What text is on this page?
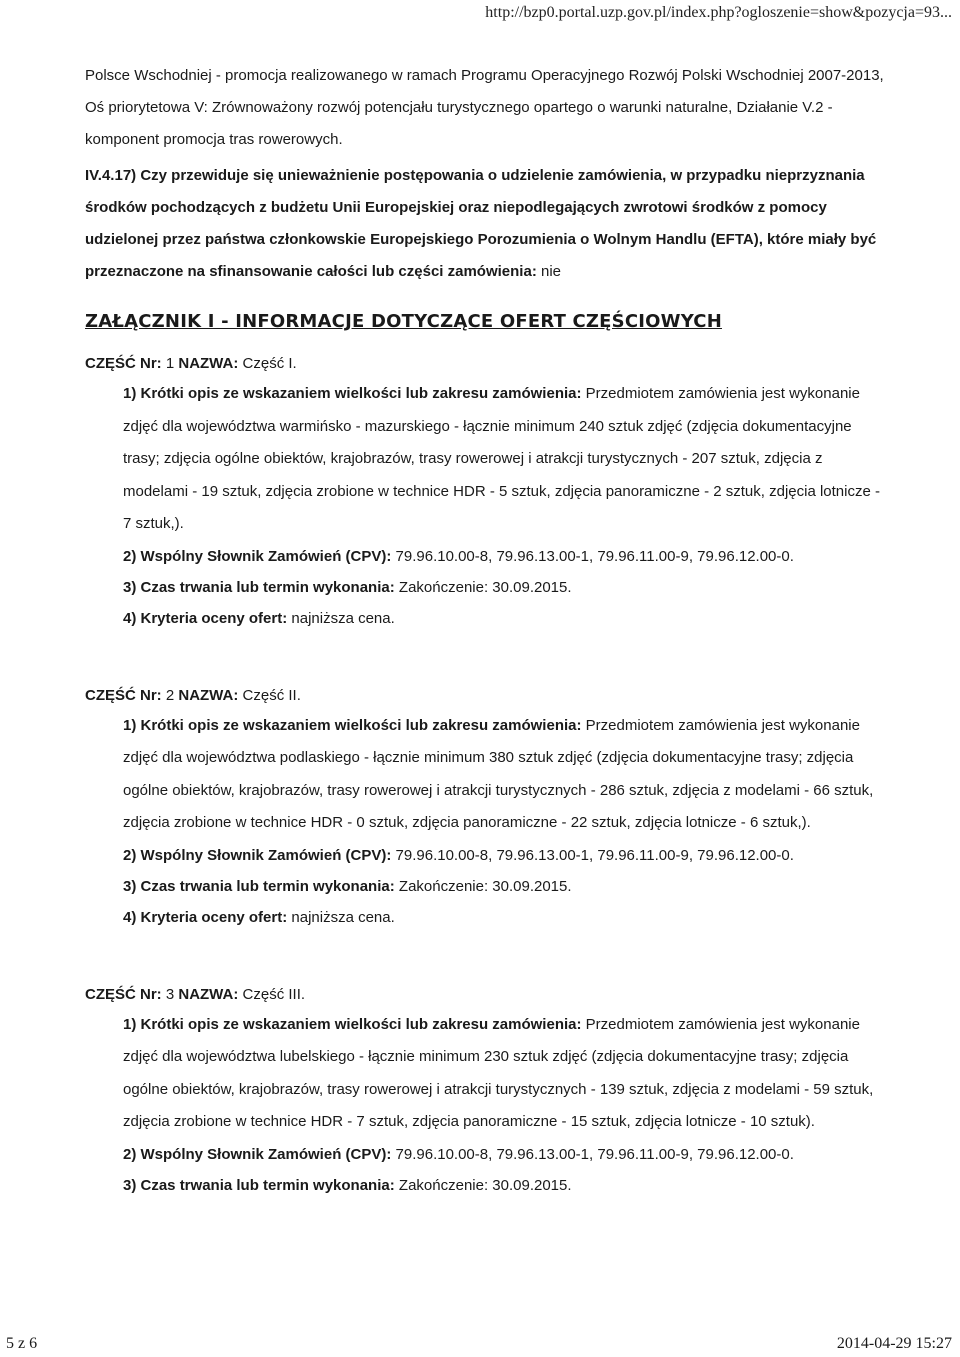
http://bzp0.portal.uzp.gov.pl/index.php?ogloszenie=show&pozycja=93...

Polsce Wschodniej - promocja realizowanego w ramach Programu Operacyjnego Rozwój Polski Wschodniej 2007-2013, Oś priorytetowa V: Zrównoważony rozwój potencjału turystycznego opartego o warunki naturalne, Działanie V.2 - komponent promocja tras rowerowych.

IV.4.17) Czy przewiduje się unieważnienie postępowania o udzielenie zamówienia, w przypadku nieprzyznania środków pochodzących z budżetu Unii Europejskiej oraz niepodlegających zwrotowi środków z pomocy udzielonej przez państwa członkowskie Europejskiego Porozumienia o Wolnym Handlu (EFTA), które miały być przeznaczone na sfinansowanie całości lub części zamówienia: nie

ZAŁĄCZNIK I - INFORMACJE DOTYCZĄCE OFERT CZĘŚCIOWYCH

CZĘŚĆ Nr: 1 NAZWA: Część I.

1) Krótki opis ze wskazaniem wielkości lub zakresu zamówienia: Przedmiotem zamówienia jest wykonanie zdjęć dla województwa warmińsko - mazurskiego - łącznie minimum 240 sztuk zdjęć (zdjęcia dokumentacyjne trasy; zdjęcia ogólne obiektów, krajobrazów, trasy rowerowej i atrakcji turystycznych - 207 sztuk, zdjęcia z modelami - 19 sztuk, zdjęcia zrobione w technice HDR - 5 sztuk, zdjęcia panoramiczne - 2 sztuk, zdjęcia lotnicze - 7 sztuk,).

2) Wspólny Słownik Zamówień (CPV): 79.96.10.00-8, 79.96.13.00-1, 79.96.11.00-9, 79.96.12.00-0.

3) Czas trwania lub termin wykonania: Zakończenie: 30.09.2015.

4) Kryteria oceny ofert: najniższa cena.

CZĘŚĆ Nr: 2 NAZWA: Część II.

1) Krótki opis ze wskazaniem wielkości lub zakresu zamówienia: Przedmiotem zamówienia jest wykonanie zdjęć dla województwa podlaskiego - łącznie minimum 380 sztuk zdjęć (zdjęcia dokumentacyjne trasy; zdjęcia ogólne obiektów, krajobrazów, trasy rowerowej i atrakcji turystycznych - 286 sztuk, zdjęcia z modelami - 66 sztuk, zdjęcia zrobione w technice HDR - 0 sztuk, zdjęcia panoramiczne - 22 sztuk, zdjęcia lotnicze - 6 sztuk,).

2) Wspólny Słownik Zamówień (CPV): 79.96.10.00-8, 79.96.13.00-1, 79.96.11.00-9, 79.96.12.00-0.

3) Czas trwania lub termin wykonania: Zakończenie: 30.09.2015.

4) Kryteria oceny ofert: najniższa cena.

CZĘŚĆ Nr: 3 NAZWA: Część III.

1) Krótki opis ze wskazaniem wielkości lub zakresu zamówienia: Przedmiotem zamówienia jest wykonanie zdjęć dla województwa lubelskiego - łącznie minimum 230 sztuk zdjęć (zdjęcia dokumentacyjne trasy; zdjęcia ogólne obiektów, krajobrazów, trasy rowerowej i atrakcji turystycznych - 139 sztuk, zdjęcia z modelami - 59 sztuk, zdjęcia zrobione w technice HDR - 7 sztuk, zdjęcia panoramiczne - 15 sztuk, zdjęcia lotnicze - 10 sztuk).

2) Wspólny Słownik Zamówień (CPV): 79.96.10.00-8, 79.96.13.00-1, 79.96.11.00-9, 79.96.12.00-0.

3) Czas trwania lub termin wykonania: Zakończenie: 30.09.2015.

5 z 6	2014-04-29 15:27
